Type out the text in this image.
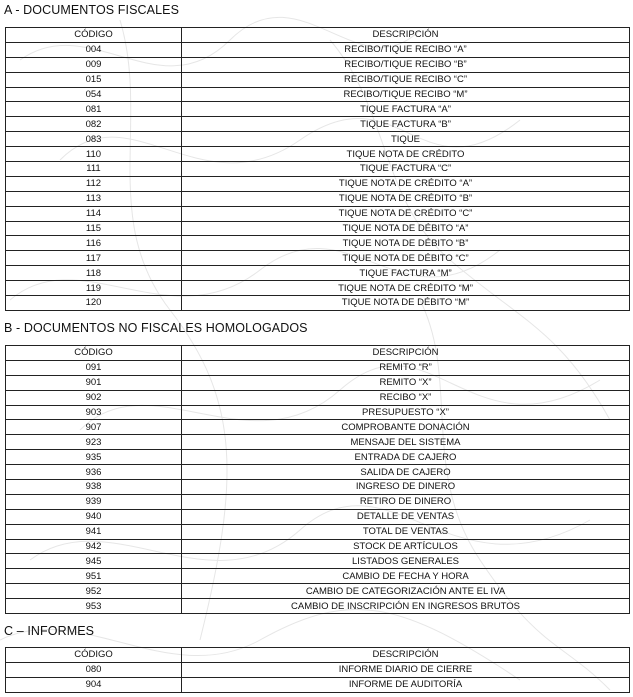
A - DOCUMENTOS FISCALES
CÓDIGO	DESCRIPCIÓN
004	RECIBO/TIQUE RECIBO “A”
009	RECIBO/TIQUE RECIBO “B”
015	RECIBO/TIQUE RECIBO “C”
054	RECIBO/TIQUE RECIBO “M”
081	TIQUE FACTURA “A”
082	TIQUE FACTURA “B”
083	TIQUE
110	TIQUE NOTA DE CRÉDITO
111	TIQUE FACTURA “C”
112	TIQUE NOTA DE CRÉDITO “A”
113	TIQUE NOTA DE CRÉDITO “B”
114	TIQUE NOTA DE CRÉDITO “C”
115	TIQUE NOTA DE DÉBITO “A”
116	TIQUE NOTA DE DÉBITO “B”
117	TIQUE NOTA DE DÉBITO “C”
118	TIQUE FACTURA “M”
119	TIQUE NOTA DE CRÉDITO “M”
120	TIQUE NOTA DE DÉBITO “M”
B - DOCUMENTOS NO FISCALES HOMOLOGADOS
CÓDIGO	DESCRIPCIÓN
091	REMITO “R”
901	REMITO “X”
902	RECIBO “X”
903	PRESUPUESTO “X”
907	COMPROBANTE DONACIÓN
923	MENSAJE DEL SISTEMA
935	ENTRADA DE CAJERO
936	SALIDA DE CAJERO
938	INGRESO DE DINERO
939	RETIRO DE DINERO
940	DETALLE DE VENTAS
941	TOTAL DE VENTAS
942	STOCK DE ARTÍCULOS
945	LISTADOS GENERALES
951	CAMBIO DE FECHA Y HORA
952	CAMBIO DE CATEGORIZACIÓN ANTE EL IVA
953	CAMBIO DE INSCRIPCIÓN EN INGRESOS BRUTOS
C – INFORMES
CÓDIGO	DESCRIPCIÓN
080	INFORME DIARIO DE CIERRE
904	INFORME DE AUDITORÍA
